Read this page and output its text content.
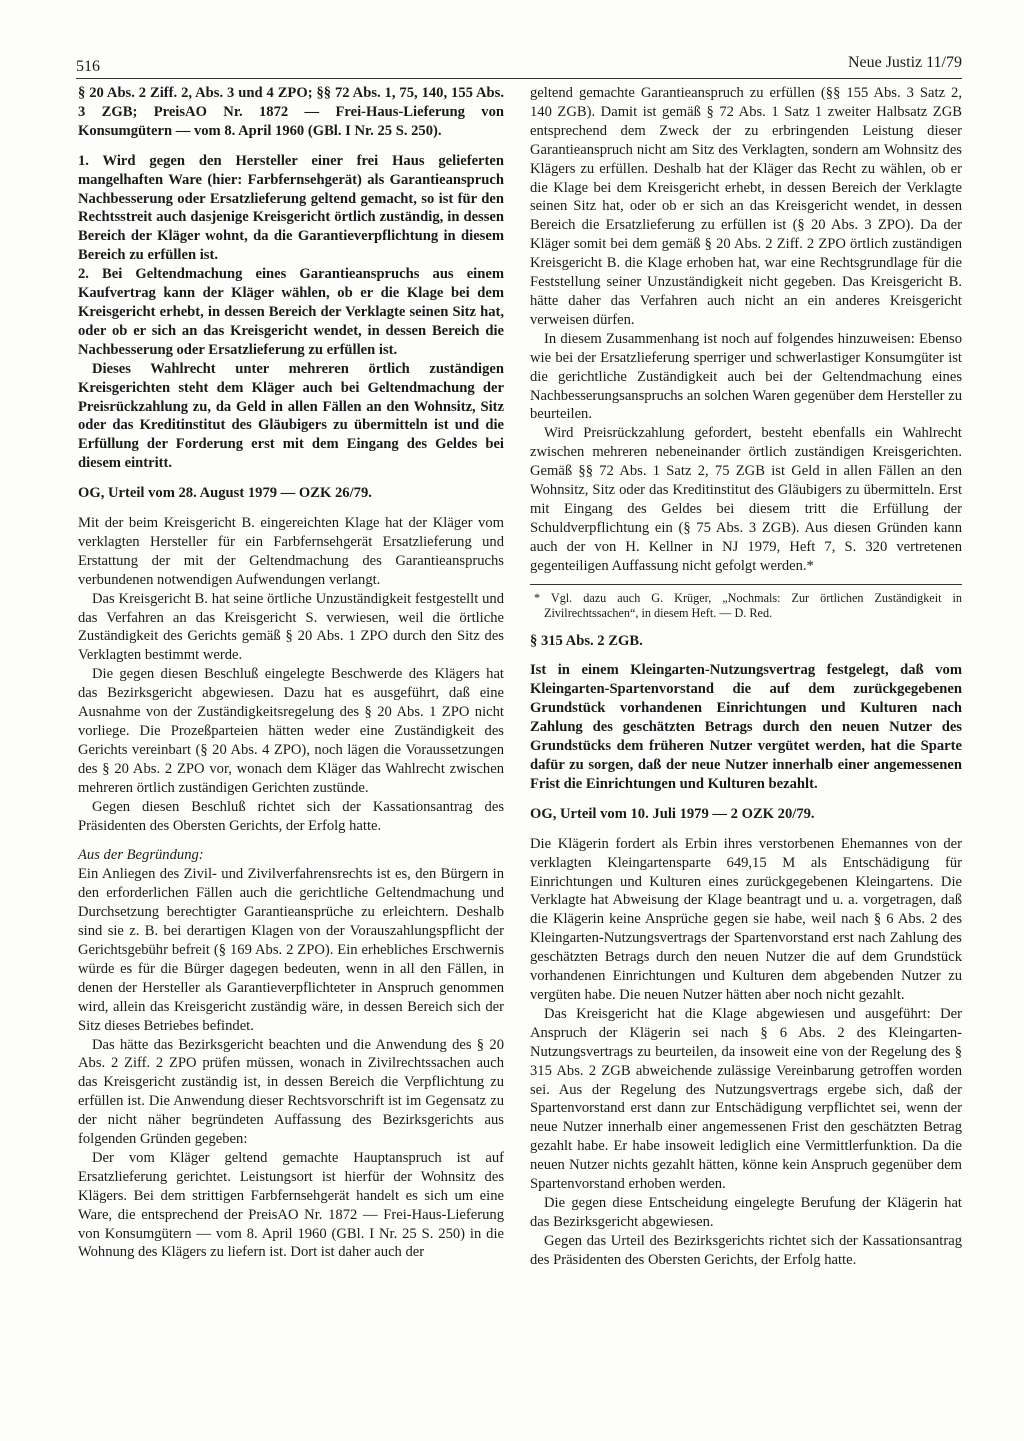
516	Neue Justiz 11/79

§ 20 Abs. 2 Ziff. 2, Abs. 3 und 4 ZPO; §§ 72 Abs. 1, 75, 140, 155 Abs. 3 ZGB; PreisAO Nr. 1872 — Frei-Haus-Lieferung von Konsumgütern — vom 8. April 1960 (GBl. I Nr. 25 S. 250).

1. Wird gegen den Hersteller einer frei Haus gelieferten mangelhaften Ware (hier: Farbfernsehgerät) als Garantieanspruch Nachbesserung oder Ersatzlieferung geltend gemacht, so ist für den Rechtsstreit auch dasjenige Kreisgericht örtlich zuständig, in dessen Bereich der Kläger wohnt, da die Garantieverpflichtung in diesem Bereich zu erfüllen ist.

2. Bei Geltendmachung eines Garantieanspruchs aus einem Kaufvertrag kann der Kläger wählen, ob er die Klage bei dem Kreisgericht erhebt, in dessen Bereich der Verklagte seinen Sitz hat, oder ob er sich an das Kreisgericht wendet, in dessen Bereich die Nachbesserung oder Ersatzlieferung zu erfüllen ist.

Dieses Wahlrecht unter mehreren örtlich zuständigen Kreisgerichten steht dem Kläger auch bei Geltendmachung der Preisrückzahlung zu, da Geld in allen Fällen an den Wohnsitz, Sitz oder das Kreditinstitut des Gläubigers zu übermitteln ist und die Erfüllung der Forderung erst mit dem Eingang des Geldes bei diesem eintritt.

OG, Urteil vom 28. August 1979 — OZK 26/79.

Mit der beim Kreisgericht B. eingereichten Klage hat der Kläger vom verklagten Hersteller für ein Farbfernsehgerät Ersatzlieferung und Erstattung der mit der Geltendmachung des Garantieanspruchs verbundenen notwendigen Aufwendungen verlangt.

Das Kreisgericht B. hat seine örtliche Unzuständigkeit festgestellt und das Verfahren an das Kreisgericht S. verwiesen, weil die örtliche Zuständigkeit des Gerichts gemäß § 20 Abs. 1 ZPO durch den Sitz des Verklagten bestimmt werde.

Die gegen diesen Beschluß eingelegte Beschwerde des Klägers hat das Bezirksgericht abgewiesen. Dazu hat es ausgeführt, daß eine Ausnahme von der Zuständigkeitsregelung des § 20 Abs. 1 ZPO nicht vorliege. Die Prozeßparteien hätten weder eine Zuständigkeit des Gerichts vereinbart (§ 20 Abs. 4 ZPO), noch lägen die Voraussetzungen des § 20 Abs. 2 ZPO vor, wonach dem Kläger das Wahlrecht zwischen mehreren örtlich zuständigen Gerichten zustünde.

Gegen diesen Beschluß richtet sich der Kassationsantrag des Präsidenten des Obersten Gerichts, der Erfolg hatte.

Aus der Begründung:

Ein Anliegen des Zivil- und Zivilverfahrensrechts ist es, den Bürgern in den erforderlichen Fällen auch die gerichtliche Geltendmachung und Durchsetzung berechtigter Garantieansprüche zu erleichtern. Deshalb sind sie z. B. bei derartigen Klagen von der Vorauszahlungspflicht der Gerichtsgebühr befreit (§ 169 Abs. 2 ZPO). Ein erhebliches Erschwernis würde es für die Bürger dagegen bedeuten, wenn in all den Fällen, in denen der Hersteller als Garantieverpflichteter in Anspruch genommen wird, allein das Kreisgericht zuständig wäre, in dessen Bereich sich der Sitz dieses Betriebes befindet.

Das hätte das Bezirksgericht beachten und die Anwendung des § 20 Abs. 2 Ziff. 2 ZPO prüfen müssen, wonach in Zivilrechtssachen auch das Kreisgericht zuständig ist, in dessen Bereich die Verpflichtung zu erfüllen ist. Die Anwendung dieser Rechtsvorschrift ist im Gegensatz zu der nicht näher begründeten Auffassung des Bezirksgerichts aus folgenden Gründen gegeben:

Der vom Kläger geltend gemachte Hauptanspruch ist auf Ersatzlieferung gerichtet. Leistungsort ist hierfür der Wohnsitz des Klägers. Bei dem strittigen Farbfernsehgerät handelt es sich um eine Ware, die entsprechend der PreisAO Nr. 1872 — Frei-Haus-Lieferung von Konsumgütern — vom 8. April 1960 (GBl. I Nr. 25 S. 250) in die Wohnung des Klägers zu liefern ist. Dort ist daher auch der

geltend gemachte Garantieanspruch zu erfüllen (§§ 155 Abs. 3 Satz 2, 140 ZGB). Damit ist gemäß § 72 Abs. 1 Satz 1 zweiter Halbsatz ZGB entsprechend dem Zweck der zu erbringenden Leistung dieser Garantieanspruch nicht am Sitz des Verklagten, sondern am Wohnsitz des Klägers zu erfüllen. Deshalb hat der Kläger das Recht zu wählen, ob er die Klage bei dem Kreisgericht erhebt, in dessen Bereich der Verklagte seinen Sitz hat, oder ob er sich an das Kreisgericht wendet, in dessen Bereich die Ersatzlieferung zu erfüllen ist (§ 20 Abs. 3 ZPO). Da der Kläger somit bei dem gemäß § 20 Abs. 2 Ziff. 2 ZPO örtlich zuständigen Kreisgericht B. die Klage erhoben hat, war eine Rechtsgrundlage für die Feststellung seiner Unzuständigkeit nicht gegeben. Das Kreisgericht B. hätte daher das Verfahren auch nicht an ein anderes Kreisgericht verweisen dürfen.

In diesem Zusammenhang ist noch auf folgendes hinzuweisen: Ebenso wie bei der Ersatzlieferung sperriger und schwerlastiger Konsumgüter ist die gerichtliche Zuständigkeit auch bei der Geltendmachung eines Nachbesserungsanspruchs an solchen Waren gegenüber dem Hersteller zu beurteilen.

Wird Preisrückzahlung gefordert, besteht ebenfalls ein Wahlrecht zwischen mehreren nebeneinander örtlich zuständigen Kreisgerichten. Gemäß §§ 72 Abs. 1 Satz 2, 75 ZGB ist Geld in allen Fällen an den Wohnsitz, Sitz oder das Kreditinstitut des Gläubigers zu übermitteln. Erst mit Eingang des Geldes bei diesem tritt die Erfüllung der Schuldverpflichtung ein (§ 75 Abs. 3 ZGB). Aus diesen Gründen kann auch der von H. Kellner in NJ 1979, Heft 7, S. 320 vertretenen gegenteiligen Auffassung nicht gefolgt werden.*

* Vgl. dazu auch G. Krüger, „Nochmals: Zur örtlichen Zuständigkeit in Zivilrechtssachen“, in diesem Heft. — D. Red.

§ 315 Abs. 2 ZGB.

Ist in einem Kleingarten-Nutzungsvertrag festgelegt, daß vom Kleingarten-Spartenvorstand die auf dem zurückgegebenen Grundstück vorhandenen Einrichtungen und Kulturen nach Zahlung des geschätzten Betrags durch den neuen Nutzer des Grundstücks dem früheren Nutzer vergütet werden, hat die Sparte dafür zu sorgen, daß der neue Nutzer innerhalb einer angemessenen Frist die Einrichtungen und Kulturen bezahlt.

OG, Urteil vom 10. Juli 1979 — 2 OZK 20/79.

Die Klägerin fordert als Erbin ihres verstorbenen Ehemannes von der verklagten Kleingartensparte 649,15 M als Entschädigung für Einrichtungen und Kulturen eines zurückgegebenen Kleingartens. Die Verklagte hat Abweisung der Klage beantragt und u. a. vorgetragen, daß die Klägerin keine Ansprüche gegen sie habe, weil nach § 6 Abs. 2 des Kleingarten-Nutzungsvertrags der Spartenvorstand erst nach Zahlung des geschätzten Betrags durch den neuen Nutzer die auf dem Grundstück vorhandenen Einrichtungen und Kulturen dem abgebenden Nutzer zu vergüten habe. Die neuen Nutzer hätten aber noch nicht gezahlt.

Das Kreisgericht hat die Klage abgewiesen und ausgeführt: Der Anspruch der Klägerin sei nach § 6 Abs. 2 des Kleingarten-Nutzungsvertrags zu beurteilen, da insoweit eine von der Regelung des § 315 Abs. 2 ZGB abweichende zulässige Vereinbarung getroffen worden sei. Aus der Regelung des Nutzungsvertrags ergebe sich, daß der Spartenvorstand erst dann zur Entschädigung verpflichtet sei, wenn der neue Nutzer innerhalb einer angemessenen Frist den geschätzten Betrag gezahlt habe. Er habe insoweit lediglich eine Vermittlerfunktion. Da die neuen Nutzer nichts gezahlt hätten, könne kein Anspruch gegenüber dem Spartenvorstand erhoben werden.

Die gegen diese Entscheidung eingelegte Berufung der Klägerin hat das Bezirksgericht abgewiesen.

Gegen das Urteil des Bezirksgerichts richtet sich der Kassationsantrag des Präsidenten des Obersten Gerichts, der Erfolg hatte.
